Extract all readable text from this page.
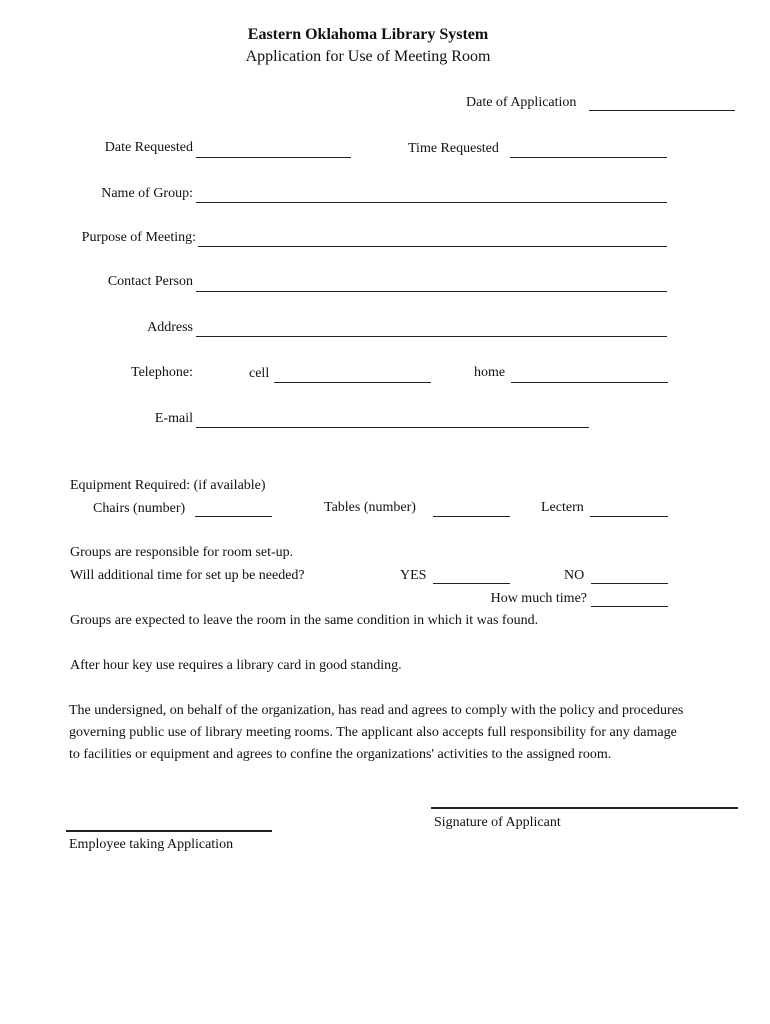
Eastern Oklahoma Library System
Application for Use of Meeting Room
Date of Application
Date Requested	Time Requested
Name of Group:
Purpose of Meeting:
Contact Person
Address
Telephone:	cell	home
E-mail
Equipment Required: (if available)
Chairs (number)	Tables (number)	Lectern
Groups are responsible for room set-up.
Will additional time for set up be needed?	YES	NO
How much time?
Groups are expected to leave the room in the same condition in which it was found.
After hour key use requires a library card in good standing.
The undersigned, on behalf of the organization, has read and agrees to comply with the policy and procedures
governing public use of library meeting rooms. The applicant also accepts full responsibility for any damage
to facilities or equipment and agrees to confine the organizations' activities to the assigned room.
Signature of Applicant
Employee taking Application
